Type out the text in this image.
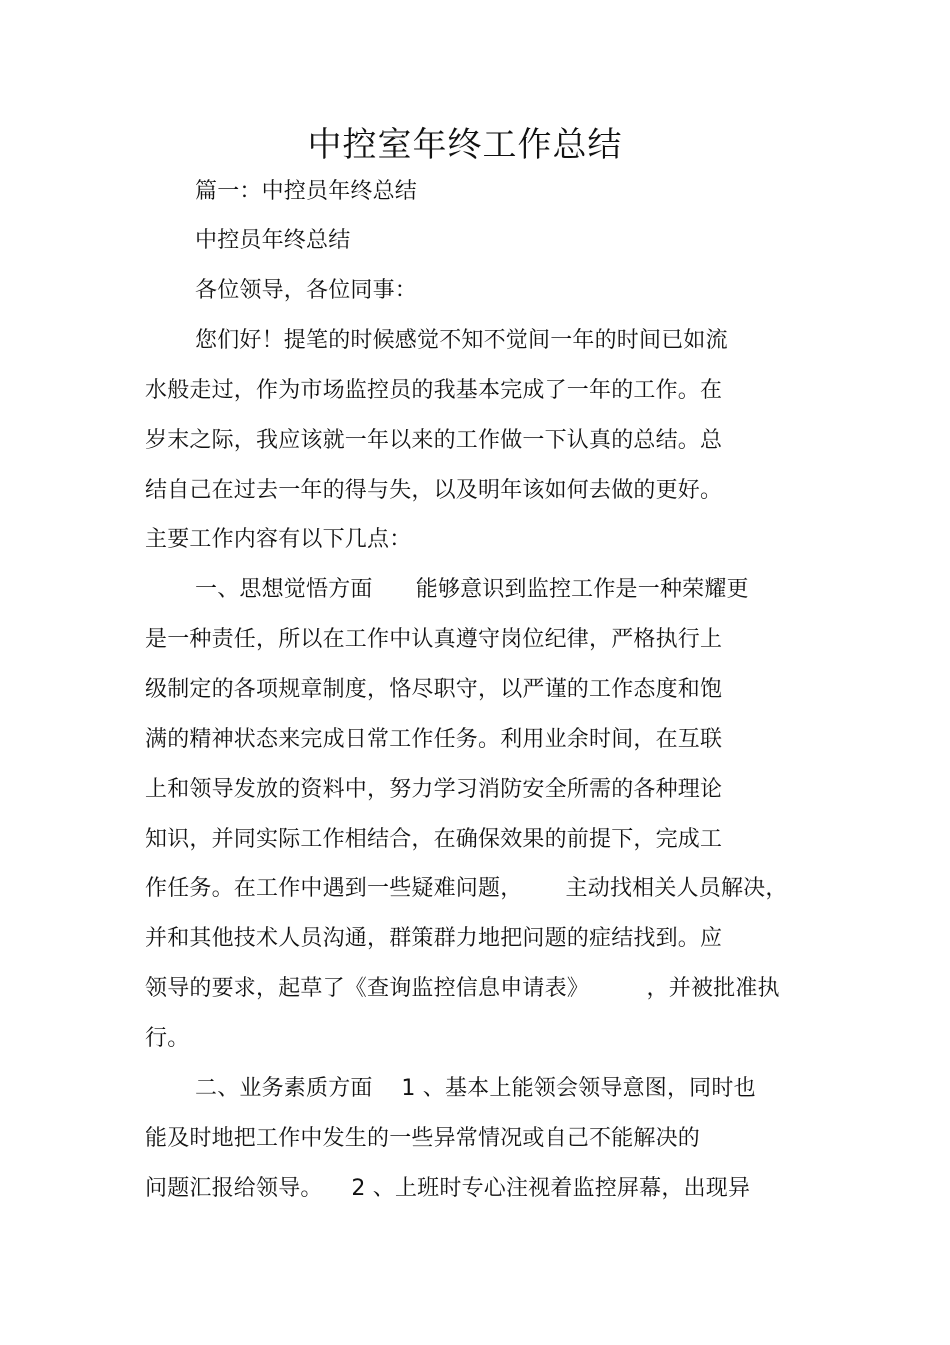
中控室年终工作总结
篇一：中控员年终总结
中控员年终总结
各位领导，各位同事：
您们好！提笔的时候感觉不知不觉间一年的时间已如流
水般走过，作为市场监控员的我基本完成了一年的工作。在
岁末之际，我应该就一年以来的工作做一下认真的总结。总
结自己在过去一年的得与失，以及明年该如何去做的更好。
主要工作内容有以下几点：
一、思想觉悟方面      能够意识到监控工作是一种荣耀更
是一种责任，所以在工作中认真遵守岗位纪律，严格执行上
级制定的各项规章制度，恪尽职守，以严谨的工作态度和饱
满的精神状态来完成日常工作任务。利用业余时间，在互联
上和领导发放的资料中，努力学习消防安全所需的各种理论
知识，并同实际工作相结合，在确保效果的前提下，完成工
作任务。在工作中遇到一些疑难问题，      主动找相关人员解决，
并和其他技术人员沟通，群策群力地把问题的症结找到。应
领导的要求，起草了《查询监控信息申请表》        ，并被批准执
行。
二、业务素质方面    1 、基本上能领会领导意图，同时也
能及时地把工作中发生的一些异常情况或自己不能解决的
问题汇报给领导。    2 、上班时专心注视着监控屏幕，出现异
